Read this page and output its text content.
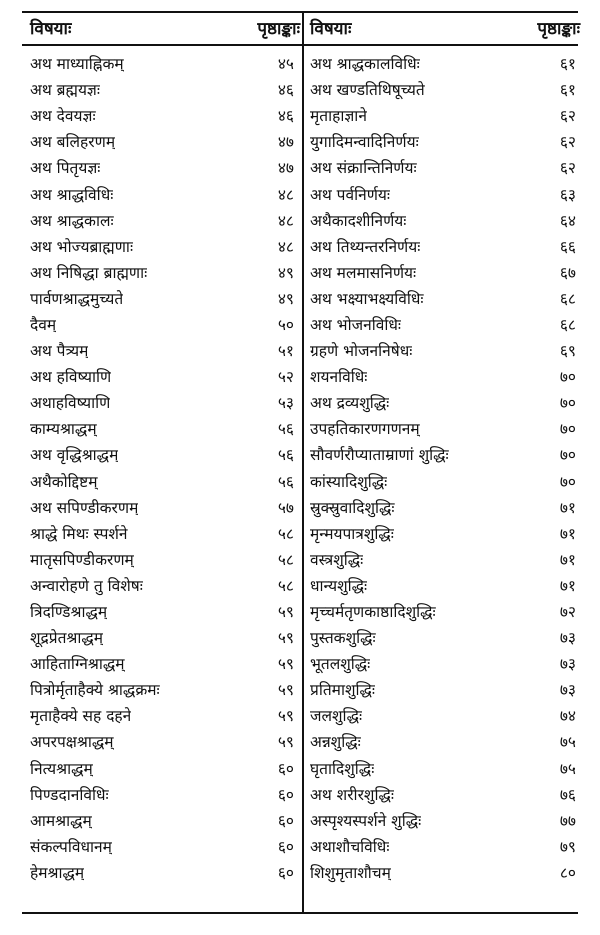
विषयाः	पृष्ठाङ्काः
अथ माध्याह्निकम्	४५
अथ ब्रह्मयज्ञः	४६
अथ देवयज्ञः	४६
अथ बलिहरणम्	४७
अथ पितृयज्ञः	४७
अथ श्राद्धविधिः	४८
अथ श्राद्धकालः	४८
अथ भोज्यब्राह्मणाः	४८
अथ निषिद्धा ब्राह्मणाः	४९
पार्वणश्राद्धमुच्यते	४९
दैवम्	५०
अथ पैत्र्यम्	५१
अथ हविष्याणि	५२
अथाहविष्याणि	५३
काम्यश्राद्धम्	५६
अथ वृद्धिश्राद्धम्	५६
अथैकोद्दिष्टम्	५६
अथ सपिण्डीकरणम्	५७
श्राद्धे मिथः स्पर्शने	५८
मातृसपिण्डीकरणम्	५८
अन्वारोहणे तु विशेषः	५८
त्रिदण्डिश्राद्धम्	५९
शूद्रप्रेतश्राद्धम्	५९
आहिताग्निश्राद्धम्	५९
पित्रोर्मृताहैक्ये श्राद्धक्रमः	५९
मृताहैक्ये सह दहने	५९
अपरपक्षश्राद्धम्	५९
नित्यश्राद्धम्	६०
पिण्डदानविधिः	६०
आमश्राद्धम्	६०
संकल्पविधानम्	६०
हेमश्राद्धम्	६०
विषयाः	पृष्ठाङ्काः
अथ श्राद्धकालविधिः	६१
अथ खण्डतिथिषूच्यते	६१
मृताहाज्ञाने	६२
युगादिमन्वादिनिर्णयः	६२
अथ संक्रान्तिनिर्णयः	६२
अथ पर्वनिर्णयः	६३
अथैकादशीनिर्णयः	६४
अथ तिथ्यन्तरनिर्णयः	६६
अथ मलमासनिर्णयः	६७
अथ भक्ष्याभक्ष्यविधिः	६८
अथ भोजनविधिः	६८
ग्रहणे भोजननिषेधः	६९
शयनविधिः	७०
अथ द्रव्यशुद्धिः	७०
उपहतिकारणगणनम्	७०
सौवर्णरौप्याताम्राणां शुद्धिः	७०
कांस्यादिशुद्धिः	७०
स्रुक्स्रुवादिशुद्धिः	७१
मृन्मयपात्रशुद्धिः	७१
वस्त्रशुद्धिः	७१
धान्यशुद्धिः	७१
मृच्चर्मतृणकाष्ठादिशुद्धिः	७२
पुस्तकशुद्धिः	७३
भूतलशुद्धिः	७३
प्रतिमाशुद्धिः	७३
जलशुद्धिः	७४
अन्नशुद्धिः	७५
घृतादिशुद्धिः	७५
अथ शरीरशुद्धिः	७६
अस्पृश्यस्पर्शने शुद्धिः	७७
अथाशौचविधिः	७९
शिशुमृताशौचम्	८०
